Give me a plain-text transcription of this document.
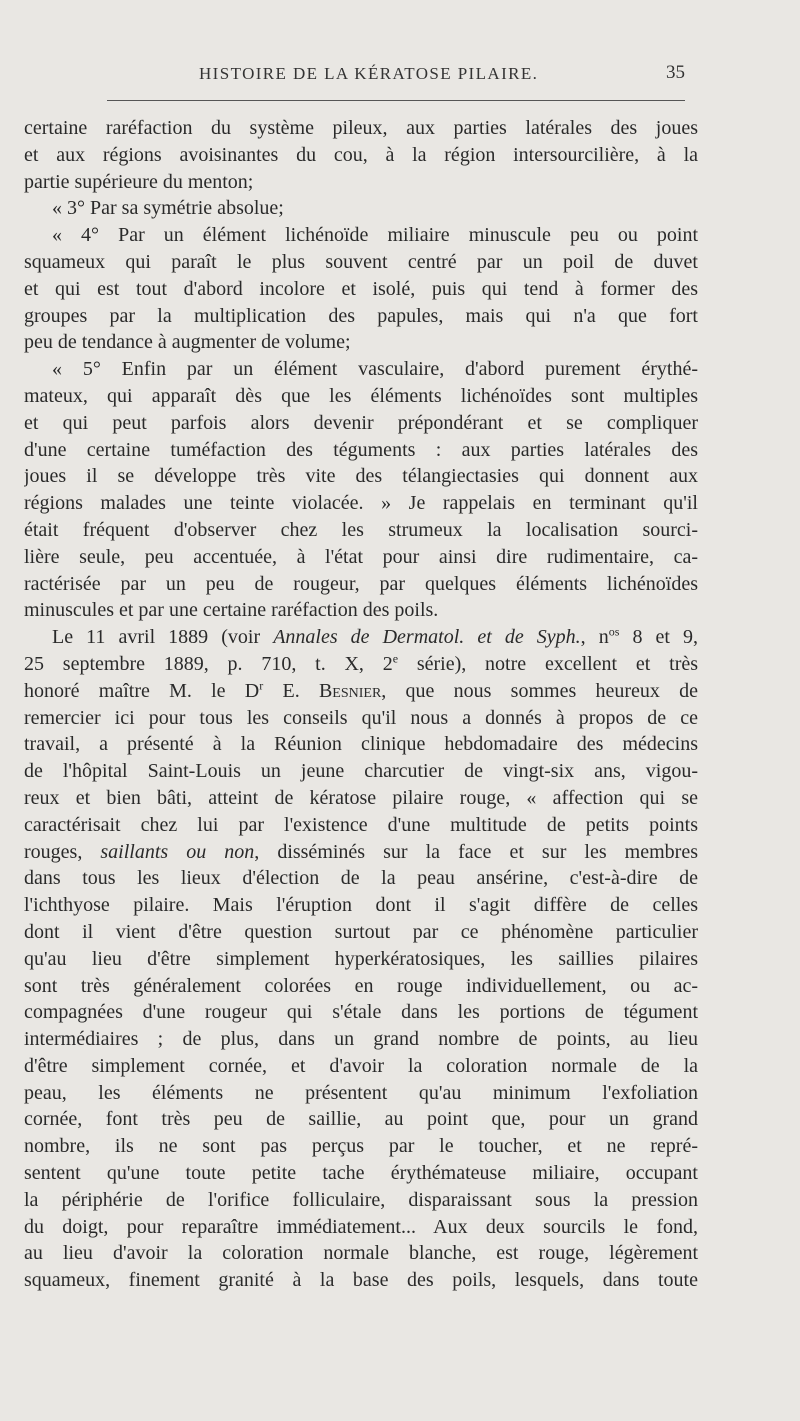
HISTOIRE DE LA KÉRATOSE PILAIRE.	35
certaine raréfaction du système pileux, aux parties latérales des joues
et aux régions avoisinantes du cou, à la région intersourcilière, à la
partie supérieure du menton;
« 3° Par sa symétrie absolue;
« 4° Par un élément lichénoïde miliaire minuscule peu ou point
squameux qui paraît le plus souvent centré par un poil de duvet
et qui est tout d'abord incolore et isolé, puis qui tend à former des
groupes par la multiplication des papules, mais qui n'a que fort
peu de tendance à augmenter de volume;
« 5° Enfin par un élément vasculaire, d'abord purement érythé-
mateux, qui apparaît dès que les éléments lichénoïdes sont multiples
et qui peut parfois alors devenir prépondérant et se compliquer
d'une certaine tuméfaction des téguments : aux parties latérales des
joues il se développe très vite des télangiectasies qui donnent aux
régions malades une teinte violacée. » Je rappelais en terminant qu'il
était fréquent d'observer chez les strumeux la localisation sourci-
lière seule, peu accentuée, à l'état pour ainsi dire rudimentaire, ca-
ractérisée par un peu de rougeur, par quelques éléments lichénoïdes
minuscules et par une certaine raréfaction des poils.
Le 11 avril 1889 (voir Annales de Dermatol. et de Syph., $n^{os}$ 8 et 9,
25 septembre 1889, p. 710, t. X, 2e série), notre excellent et très
honoré maître M. le $D^r$ E. Besnier, que nous sommes heureux de
remercier ici pour tous les conseils qu'il nous a donnés à propos de ce
travail, a présenté à la Réunion clinique hebdomadaire des médecins
de l'hôpital Saint-Louis un jeune charcutier de vingt-six ans, vigou-
reux et bien bâti, atteint de kératose pilaire rouge, « affection qui se
caractérisait chez lui par l'existence d'une multitude de petits points
rouges, saillants ou non, disséminés sur la face et sur les membres
dans tous les lieux d'élection de la peau ansérine, c'est-à-dire de
l'ichthyose pilaire. Mais l'éruption dont il s'agit diffère de celles
dont il vient d'être question surtout par ce phénomène particulier
qu'au lieu d'être simplement hyperkératosiques, les saillies pilaires
sont très généralement colorées en rouge individuellement, ou ac-
compagnées d'une rougeur qui s'étale dans les portions de tégument
intermédiaires ; de plus, dans un grand nombre de points, au lieu
d'être simplement cornée, et d'avoir la coloration normale de la
peau, les éléments ne présentent qu'au minimum l'exfoliation
cornée, font très peu de saillie, au point que, pour un grand
nombre, ils ne sont pas perçus par le toucher, et ne repré-
sentent qu'une toute petite tache érythémateuse miliaire, occupant
la périphérie de l'orifice folliculaire, disparaissant sous la pression
du doigt, pour reparaître immédiatement... Aux deux sourcils le fond,
au lieu d'avoir la coloration normale blanche, est rouge, légèrement
squameux, finement granité à la base des poils, lesquels, dans toute
